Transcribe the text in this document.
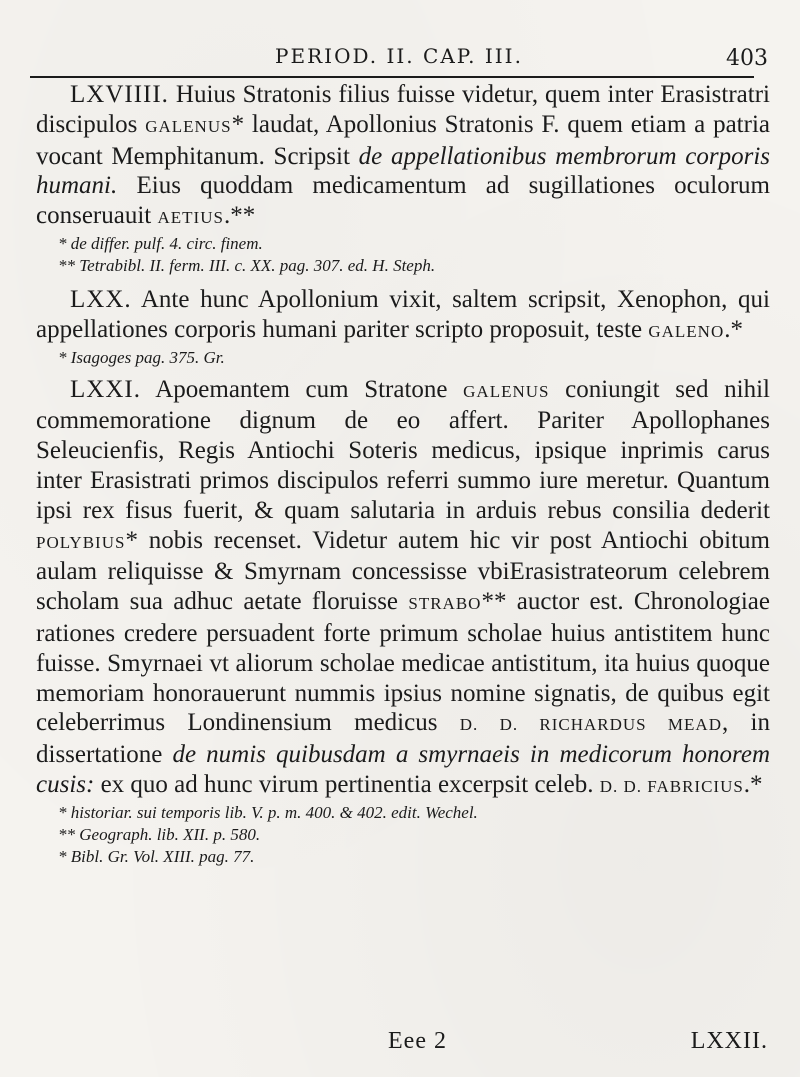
PERIOD. II. CAP. III.	403

LXVIIII. Huius Stratonis filius fuisse videtur, quem inter Erasistratri discipulos GALENUS* laudat, Apollonius Stratonis F. quem etiam a patria vocant Memphitanum. Scripsit de appellationibus membrorum corporis humani. Eius quoddam medicamentum ad sugillationes oculorum conseruauit AETIUS.**

* de differ. pulf. 4. circ. finem.
** Tetrabibl. II. ferm. III. c. XX. pag. 307. ed. H. Steph.

LXX. Ante hunc Apollonium vixit, saltem scripsit, Xenophon, qui appellationes corporis humani pariter scripto proposuit, teste GALENO.*

* Isagoges pag. 375. Gr.

LXXI. Apoemantem cum Stratone GALENUS coniungit sed nihil commemoratione dignum de eo affert. Pariter Apollophanes Seleucienfis, Regis Antiochi Soteris medicus, ipsique inprimis carus inter Erasistrati primos discipulos referri summo iure meretur. Quantum ipsi rex fisus fuerit, & quam salutaria in arduis rebus consilia dederit POLYBIUS* nobis recenset. Videtur autem hic vir post Antiochi obitum aulam reliquisse & Smyrnam concessisse vbiErasistrateorum celebrem scholam sua adhuc aetate floruisse STRABO** auctor est. Chronologiae rationes credere persuadent forte primum scholae huius antistitem hunc fuisse. Smyrnaei vt aliorum scholae medicae antistitum, ita huius quoque memoriam honorauerunt nummis ipsius nomine signatis, de quibus egit celeberrimus Londinensium medicus D. D. RICHARDUS MEAD, in dissertatione de numis quibusdam a smyrnaeis in medicorum honorem cusis: ex quo ad hunc virum pertinentia excerpsit celeb. D. D. FABRICIUS.*

* historiar. sui temporis lib. V. p. m. 400. & 402. edit. Wechel.
** Geograph. lib. XII. p. 580.
* Bibl. Gr. Vol. XIII. pag. 77.
Eee 2	LXXII.
